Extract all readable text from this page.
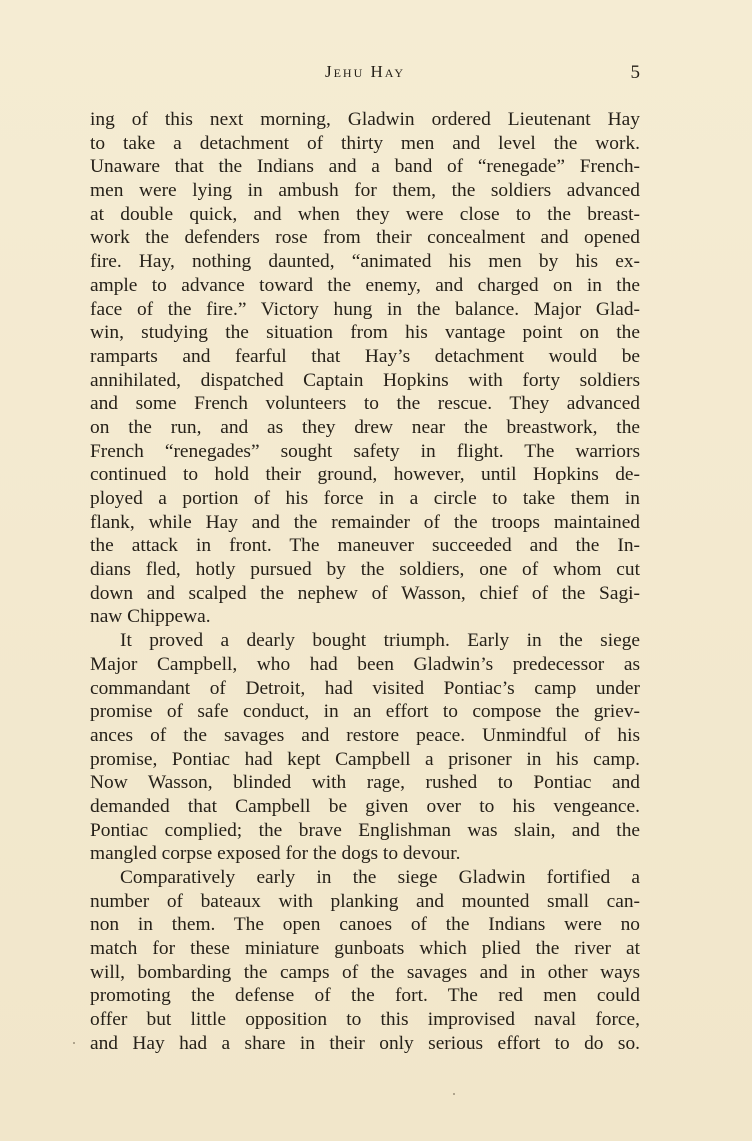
Jehu Hay	5
ing of this next morning, Gladwin ordered Lieutenant Hay
to take a detachment of thirty men and level the work.
Unaware that the Indians and a band of “renegade” French-
men were lying in ambush for them, the soldiers advanced
at double quick, and when they were close to the breast-
work the defenders rose from their concealment and opened
fire. Hay, nothing daunted, “animated his men by his ex-
ample to advance toward the enemy, and charged on in the
face of the fire.” Victory hung in the balance. Major Glad-
win, studying the situation from his vantage point on the
ramparts and fearful that Hay’s detachment would be
annihilated, dispatched Captain Hopkins with forty soldiers
and some French volunteers to the rescue. They advanced
on the run, and as they drew near the breastwork, the
French “renegades” sought safety in flight. The warriors
continued to hold their ground, however, until Hopkins de-
ployed a portion of his force in a circle to take them in
flank, while Hay and the remainder of the troops maintained
the attack in front. The maneuver succeeded and the In-
dians fled, hotly pursued by the soldiers, one of whom cut
down and scalped the nephew of Wasson, chief of the Sagi-
naw Chippewa.
It proved a dearly bought triumph. Early in the siege
Major Campbell, who had been Gladwin’s predecessor as
commandant of Detroit, had visited Pontiac’s camp under
promise of safe conduct, in an effort to compose the griev-
ances of the savages and restore peace. Unmindful of his
promise, Pontiac had kept Campbell a prisoner in his camp.
Now Wasson, blinded with rage, rushed to Pontiac and
demanded that Campbell be given over to his vengeance.
Pontiac complied; the brave Englishman was slain, and the
mangled corpse exposed for the dogs to devour.
Comparatively early in the siege Gladwin fortified a
number of bateaux with planking and mounted small can-
non in them. The open canoes of the Indians were no
match for these miniature gunboats which plied the river at
will, bombarding the camps of the savages and in other ways
promoting the defense of the fort. The red men could
offer but little opposition to this improvised naval force,
and Hay had a share in their only serious effort to do so.
